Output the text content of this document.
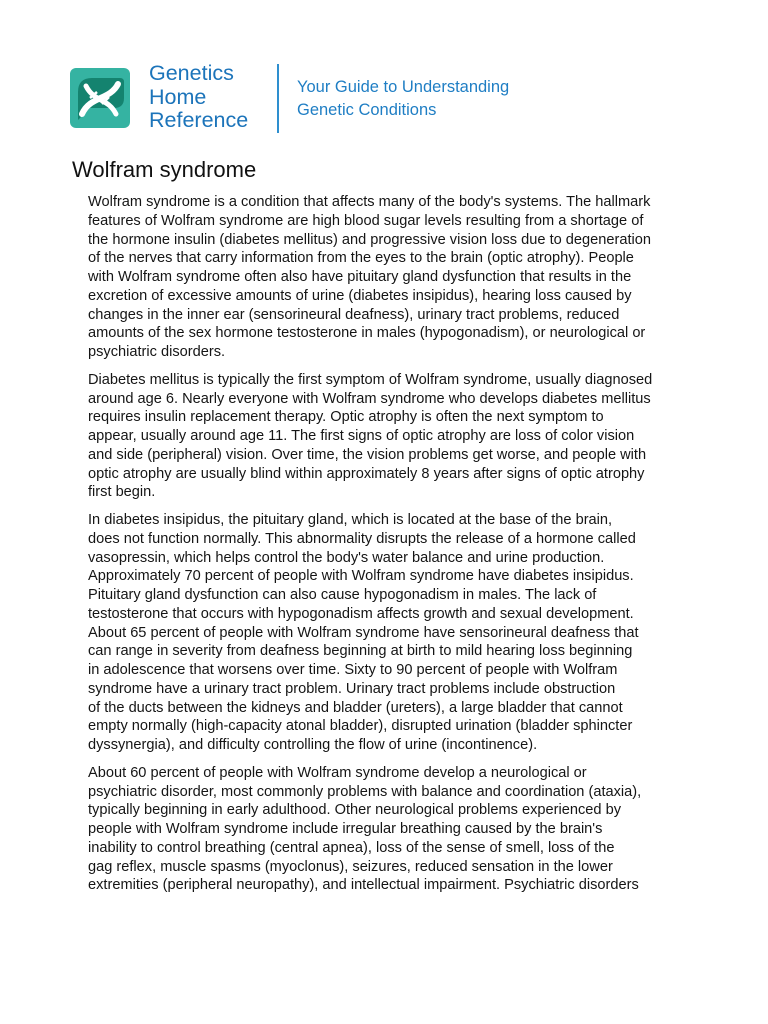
Genetics
Home
Reference
Your Guide to Understanding
Genetic Conditions
Wolfram syndrome

Wolfram syndrome is a condition that affects many of the body's systems. The hallmark
features of Wolfram syndrome are high blood sugar levels resulting from a shortage of
the hormone insulin (diabetes mellitus) and progressive vision loss due to degeneration
of the nerves that carry information from the eyes to the brain (optic atrophy). People
with Wolfram syndrome often also have pituitary gland dysfunction that results in the
excretion of excessive amounts of urine (diabetes insipidus), hearing loss caused by
changes in the inner ear (sensorineural deafness), urinary tract problems, reduced
amounts of the sex hormone testosterone in males (hypogonadism), or neurological or
psychiatric disorders.

Diabetes mellitus is typically the first symptom of Wolfram syndrome, usually diagnosed
around age 6. Nearly everyone with Wolfram syndrome who develops diabetes mellitus
requires insulin replacement therapy. Optic atrophy is often the next symptom to
appear, usually around age 11. The first signs of optic atrophy are loss of color vision
and side (peripheral) vision. Over time, the vision problems get worse, and people with
optic atrophy are usually blind within approximately 8 years after signs of optic atrophy
first begin.

In diabetes insipidus, the pituitary gland, which is located at the base of the brain,
does not function normally. This abnormality disrupts the release of a hormone called
vasopressin, which helps control the body's water balance and urine production.
Approximately 70 percent of people with Wolfram syndrome have diabetes insipidus.
Pituitary gland dysfunction can also cause hypogonadism in males. The lack of
testosterone that occurs with hypogonadism affects growth and sexual development.
About 65 percent of people with Wolfram syndrome have sensorineural deafness that
can range in severity from deafness beginning at birth to mild hearing loss beginning
in adolescence that worsens over time. Sixty to 90 percent of people with Wolfram
syndrome have a urinary tract problem. Urinary tract problems include obstruction
of the ducts between the kidneys and bladder (ureters), a large bladder that cannot
empty normally (high-capacity atonal bladder), disrupted urination (bladder sphincter
dyssynergia), and difficulty controlling the flow of urine (incontinence).

About 60 percent of people with Wolfram syndrome develop a neurological or
psychiatric disorder, most commonly problems with balance and coordination (ataxia),
typically beginning in early adulthood. Other neurological problems experienced by
people with Wolfram syndrome include irregular breathing caused by the brain's
inability to control breathing (central apnea), loss of the sense of smell, loss of the
gag reflex, muscle spasms (myoclonus), seizures, reduced sensation in the lower
extremities (peripheral neuropathy), and intellectual impairment. Psychiatric disorders
